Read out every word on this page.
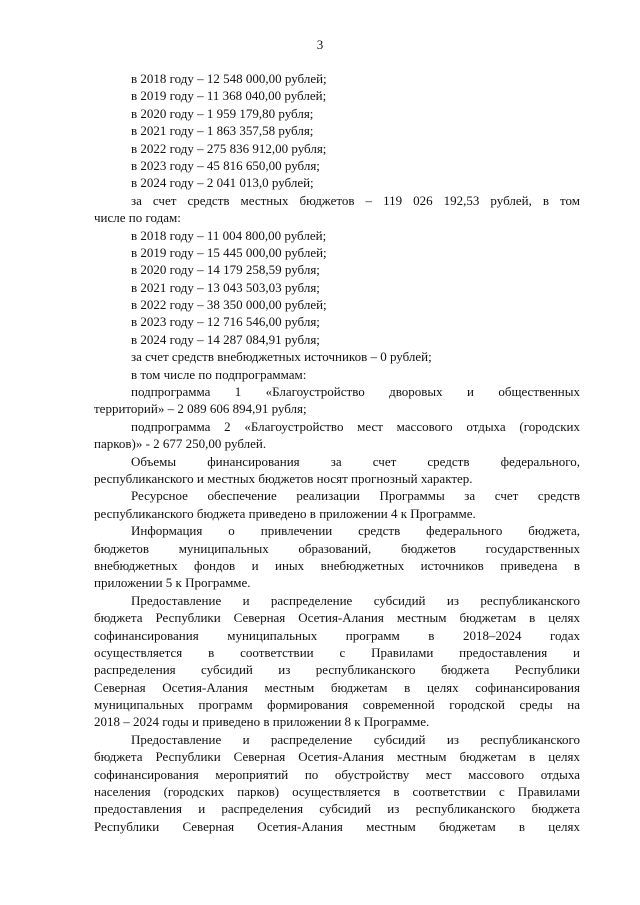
3
в 2018 году – 12 548 000,00 рублей;
в 2019 году – 11 368 040,00 рублей;
в 2020 году – 1 959 179,80 рубля;
в 2021 году – 1 863 357,58 рубля;
в 2022 году – 275 836 912,00 рубля;
в 2023 году – 45 816 650,00 рубля;
в 2024 году – 2 041 013,0 рублей;
за счет средств местных бюджетов – 119 026 192,53 рублей, в том
числе по годам:
в 2018 году – 11 004 800,00 рублей;
в 2019 году – 15 445 000,00 рублей;
в 2020 году – 14 179 258,59 рубля;
в 2021 году – 13 043 503,03 рубля;
в 2022 году – 38 350 000,00 рублей;
в 2023 году – 12 716 546,00 рубля;
в 2024 году – 14 287 084,91 рубля;
за счет средств внебюджетных источников – 0 рублей;
в том числе по подпрограммам:
подпрограмма 1 «Благоустройство дворовых и общественных
территорий» – 2 089 606 894,91 рубля;
подпрограмма 2 «Благоустройство мест массового отдыха (городских
парков)» - 2 677 250,00 рублей.
Объемы финансирования за счет средств федерального,
республиканского и местных бюджетов носят прогнозный характер.
Ресурсное обеспечение реализации Программы за счет средств
республиканского бюджета приведено в приложении 4 к Программе.
Информация о привлечении средств федерального бюджета,
бюджетов муниципальных образований, бюджетов государственных
внебюджетных фондов и иных внебюджетных источников приведена в
приложении 5 к Программе.
Предоставление и распределение субсидий из республиканского
бюджета Республики Северная Осетия-Алания местным бюджетам в целях
софинансирования муниципальных программ в 2018–2024 годах
осуществляется в соответствии с Правилами предоставления и
распределения субсидий из республиканского бюджета Республики
Северная Осетия-Алания местным бюджетам в целях софинансирования
муниципальных программ формирования современной городской среды на
2018 – 2024 годы и приведено в приложении 8 к Программе.
Предоставление и распределение субсидий из республиканского
бюджета Республики Северная Осетия-Алания местным бюджетам в целях
софинансирования мероприятий по обустройству мест массового отдыха
населения (городских парков) осуществляется в соответствии с Правилами
предоставления и распределения субсидий из республиканского бюджета
Республики Северная Осетия-Алания местным бюджетам в целях
